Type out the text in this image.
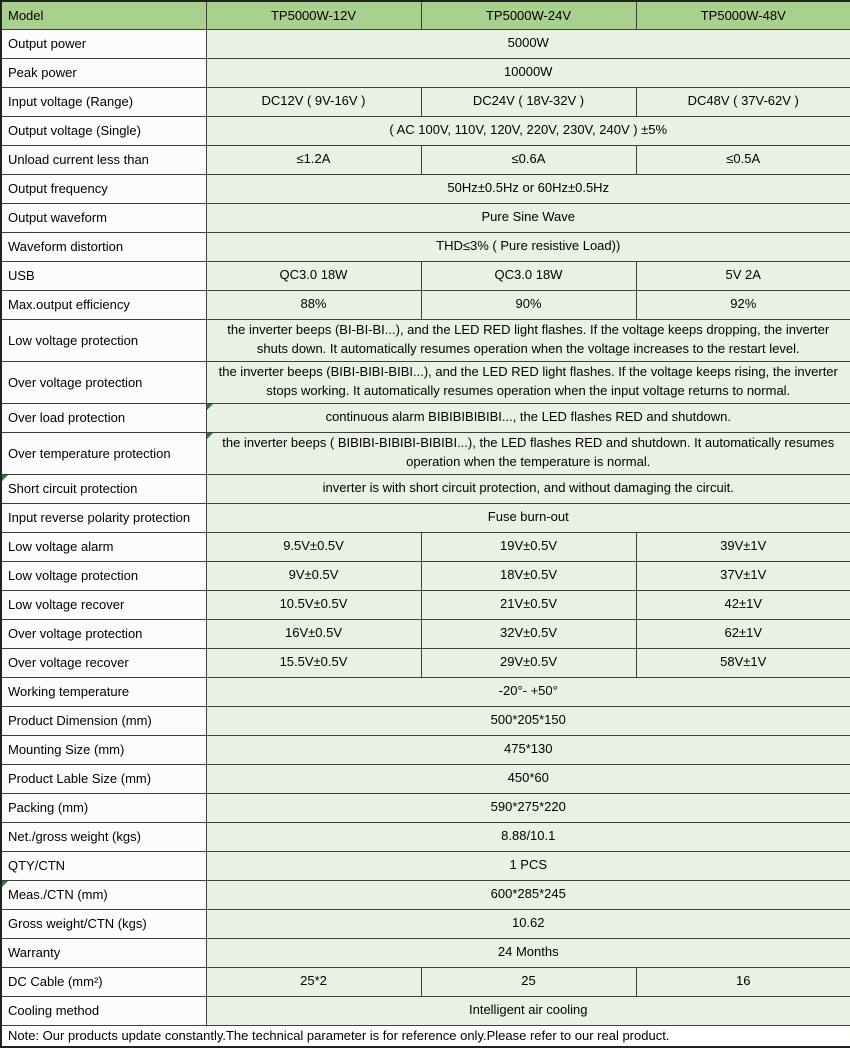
Model	TP5000W-12V	TP5000W-24V	TP5000W-48V
Output power	5000W		
Peak power	10000W		
Input voltage (Range)	DC12V ( 9V-16V )	DC24V ( 18V-32V )	DC48V ( 37V-62V )
Output voltage (Single)	( AC 100V, 110V, 120V, 220V, 230V, 240V ) ±5%		
Unload current less than	≤1.2A	≤0.6A	≤0.5A
Output frequency	50Hz±0.5Hz or 60Hz±0.5Hz		
Output waveform	Pure Sine Wave		
Waveform distortion	THD≤3% ( Pure resistive Load))		
USB	QC3.0 18W	QC3.0 18W	5V 2A
Max.output efficiency	88%	90%	92%
Low voltage protection	the inverter beeps (BI-BI-BI...), and the LED RED light flashes. If the voltage keeps dropping, the inverter shuts down. It automatically resumes operation when the voltage increases to the restart level.		
Over voltage protection	the inverter beeps (BIBI-BIBI-BIBI...), and the LED RED light flashes. If the voltage keeps rising, the inverter stops working. It automatically resumes operation when the input voltage returns to normal.		
Over load protection	continuous alarm BIBIBIBIBIBI..., the LED flashes RED and shutdown.		
Over temperature protection	the inverter beeps ( BIBIBI-BIBIBI-BIBIBI...), the LED flashes RED and shutdown. It automatically resumes operation when the temperature is normal.		
Short circuit protection	inverter is with short circuit protection, and without damaging the circuit.		
Input reverse polarity protection	Fuse burn-out		
Low voltage alarm	9.5V±0.5V	19V±0.5V	39V±1V
Low voltage protection	9V±0.5V	18V±0.5V	37V±1V
Low voltage recover	10.5V±0.5V	21V±0.5V	42±1V
Over voltage protection	16V±0.5V	32V±0.5V	62±1V
Over voltage recover	15.5V±0.5V	29V±0.5V	58V±1V
Working temperature	-20°- +50°		
Product Dimension (mm)	500*205*150		
Mounting Size (mm)	475*130		
Product Lable Size (mm)	450*60		
Packing (mm)	590*275*220		
Net./gross weight (kgs)	8.88/10.1		
QTY/CTN	1 PCS		
Meas./CTN (mm)	600*285*245		
Gross weight/CTN (kgs)	10.62		
Warranty	24 Months		
DC Cable (mm²)	25*2	25	16
Cooling method	Intelligent air cooling		
Note: Our products update constantly.The technical parameter is for reference only.Please refer to our real product.			
